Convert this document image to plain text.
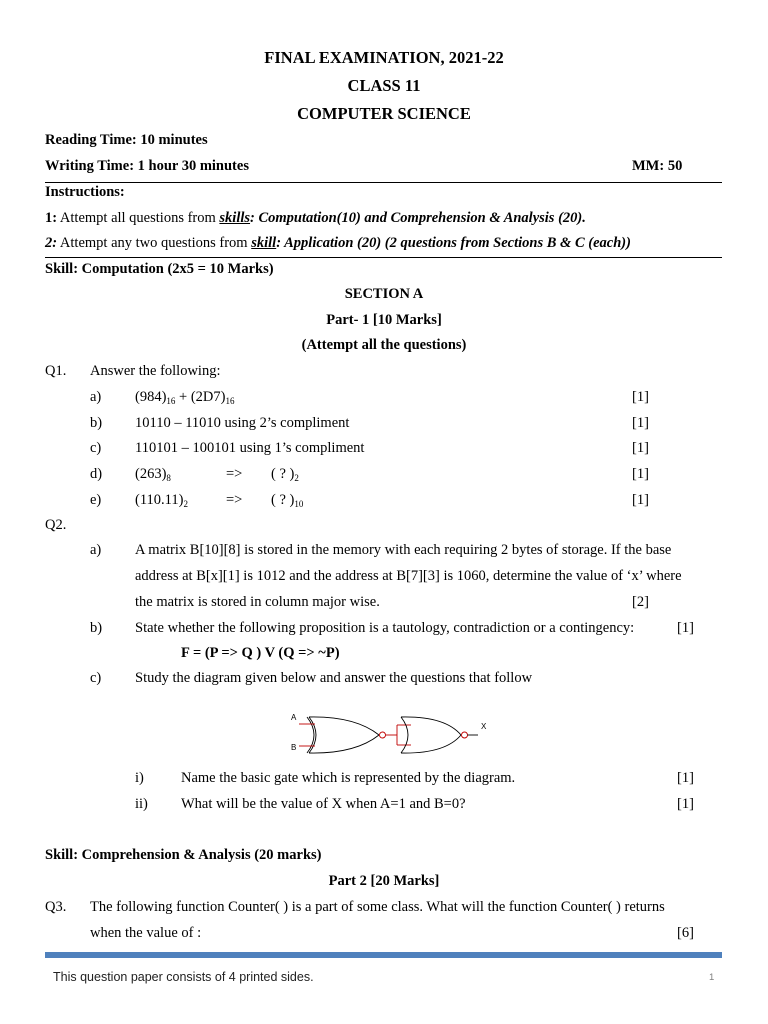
FINAL EXAMINATION, 2021-22
CLASS 11
COMPUTER SCIENCE
Reading Time: 10 minutes
Writing Time: 1 hour 30 minutes	MM: 50
Instructions:
1: Attempt all questions from skills: Computation(10) and Comprehension & Analysis (20).
2: Attempt any two questions from skill: Application (20) (2 questions from Sections B & C (each))
Skill: Computation (2x5 = 10 Marks)
SECTION A
Part- 1 [10 Marks]
(Attempt all the questions)
Q1. Answer the following:
a) $(984)_{16} + (2D7)_{16}$	[1]
b) 10110 – 11010 using 2’s compliment	[1]
c) 110101 – 100101 using 1’s compliment	[1]
d) $(263)_8$	=> ( ? )$_2$	[1]
e) $(110.11)_2$	=> ( ? )$_{10}$	[1]
Q2.
a) A matrix B[10][8] is stored in the memory with each requiring 2 bytes of storage. If the base
address at B[x][1] is 1012 and the address at B[7][3] is 1060, determine the value of ‘x’ where
the matrix is stored in column major wise.	[2]
b) State whether the following proposition is a tautology, contradiction or a contingency:	[1]
F = (P => Q ) V (Q => ~P)
c) Study the diagram given below and answer the questions that follow
A
B
X
i)	Name the basic gate which is represented by the diagram.	[1]
ii) What will be the value of X when A=1 and B=0?	[1]
Skill: Comprehension & Analysis (20 marks)
Part 2 [20 Marks]
Q3. The following function Counter( ) is a part of some class. What will the function Counter( ) returns
when the value of :	[6]
This question paper consists of 4 printed sides.	1
